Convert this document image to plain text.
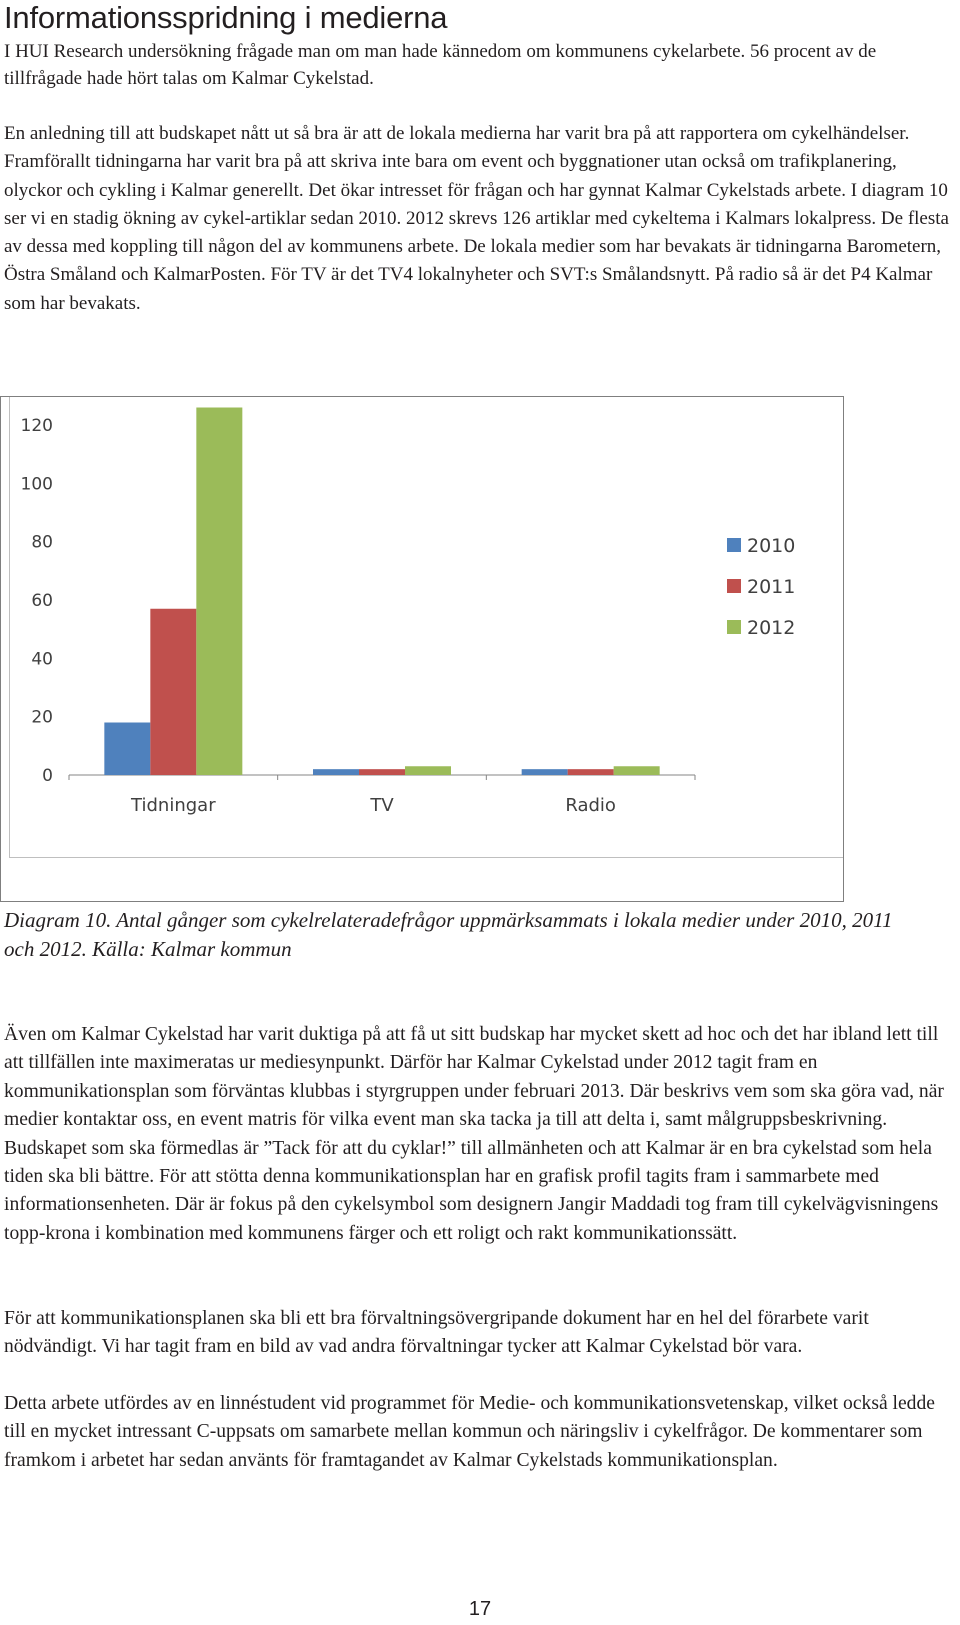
Informationsspridning i medierna

I HUI Research undersökning frågade man om man hade kännedom om kommunens cykelarbete. 56 procent av de tillfrågade hade hört talas om Kalmar Cykelstad.

En anledning till att budskapet nått ut så bra är att de lokala medierna har varit bra på att rapportera om cykelhändelser. Framförallt tidningarna har varit bra på att skriva inte bara om event och byggnationer utan också om trafikplanering, olyckor och cykling i Kalmar generellt. Det ökar intresset för frågan och har gynnat Kalmar Cykelstads arbete. I diagram 10 ser vi en stadig ökning av cykel-artiklar sedan 2010. 2012 skrevs 126 artiklar med cykeltema i Kalmars lokalpress. De flesta av dessa med koppling till någon del av kommunens arbete. De lokala medier som har bevakats är tidningarna Barometern, Östra Småland och KalmarPosten. För TV är det TV4 lokalnyheter och SVT:s Smålandsnytt. På radio så är det P4 Kalmar som har bevakats.

0
20
40
60
80
100
120
Tidningar	TV	Radio
2010
2011
2012

Diagram 10. Antal gånger som cykelrelateradefrågor uppmärksammats i lokala medier under 2010, 2011 och 2012. Källa: Kalmar kommun

Även om Kalmar Cykelstad har varit duktiga på att få ut sitt budskap har mycket skett ad hoc och det har ibland lett till att tillfällen inte maximeratas ur mediesynpunkt. Därför har Kalmar Cykelstad under 2012 tagit fram en kommunikationsplan som förväntas klubbas i styrgruppen under februari 2013. Där beskrivs vem som ska göra vad, när medier kontaktar oss, en event matris för vilka event man ska tacka ja till att delta i, samt målgruppsbeskrivning. Budskapet som ska förmedlas är ”Tack för att du cyklar!” till allmänheten och att Kalmar är en bra cykelstad som hela tiden ska bli bättre. För att stötta denna kommunikationsplan har en grafisk profil tagits fram i sammarbete med informationsenheten. Där är fokus på den cykelsymbol som designern Jangir Maddadi tog fram till cykelvägvisningens topp-krona i kombination med kommunens färger och ett roligt och rakt kommunikationssätt.

För att kommunikationsplanen ska bli ett bra förvaltningsövergripande dokument har en hel del förarbete varit nödvändigt. Vi har tagit fram en bild av vad andra förvaltningar tycker att Kalmar Cykelstad bör vara.

Detta arbete utfördes av en linnéstudent vid programmet för Medie- och kommunikationsvetenskap, vilket också ledde till en mycket intressant C-uppsats om samarbete mellan kommun och näringsliv i cykelfrågor. De kommentarer som framkom i arbetet har sedan använts för framtagandet av Kalmar Cykelstads kommunikationsplan.

17
